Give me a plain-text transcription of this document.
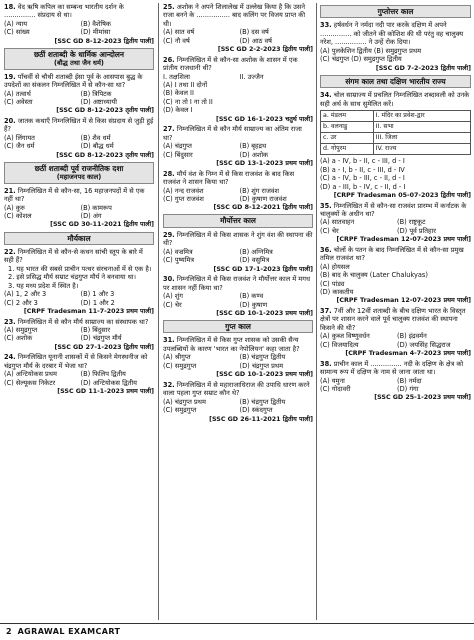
18. वेद ऋषि कपिल का सम्बन्ध भारतीय दर्शन के ............... संप्रदाय से था।
(A) न्याय	(B) वैशेषिक
(C) सांख्य	(D) मीमांसा
[SSC GD 8-12-2023 द्वितीय पाली]
छठीं शताब्दी के धार्मिक आन्दोलन
(बौद्ध तथा जैन धर्म)
19. पाँचवीं से चौथी शताब्दी ईसा पूर्व के आसपास बुद्ध के उपदेशों का संकलन निम्नलिखित में से कौन-सा था?
(A) तत्वार्थ	(B) त्रिपिटक
(C) अवेस्ता	(D) अष्टाध्यायी
[SSC GD 8-12-2023 तृतीय पाली]
20. जातक कथाएँ निम्नलिखित में से किस संप्रदाय से जुड़ी हुई हैं?
(A) लिंगायत	(B) शैव धर्म
(C) जैन धर्म	(D) बौद्ध धर्म
[SSC GD 8-12-2023 तृतीय पाली]
छठीं शताब्दी पूर्व राजनीतिक दशा
(महाजनपद काल)
21. निम्नलिखित में से कौन-सा, 16 महाजनपदों में से एक नहीं था?
(A) कुरु	(B) कामरूप
(C) कोशल	(D) अंग
[SSC GD 30-11-2021 द्वितीय पाली]
मौर्यकाल
22. निम्नलिखित में से कौन-से कथन सांची स्तूप के बारे में सही हैं?
1. यह भारत की सबसे प्राचीन पत्थर संरचनाओं में से एक है।
2. इसे प्रसिद्ध मौर्य सम्राट चंद्रगुप्त मौर्य ने बनवाया था।
3. यह मध्य प्रदेश में स्थित है।
(A) 1, 2 और 3	(B) 1 और 3
(C) 2 और 3	(D) 1 और 2
[CRPF Tradesman 11-7-2023 प्रथम पाली]
23. निम्नलिखित में से कौन मौर्य साम्राज्य का संस्थापक था?
(A) समुद्रगुप्त	(B) बिंदुसार
(C) अशोक	(D) चंद्रगुप्त मौर्य
[SSC GD 27-1-2023 द्वितीय पाली]
24. निम्नलिखित यूनानी शासकों में से किसने मेगस्थनीज को चंद्रगुप्त मौर्य के दरबार में भेजा था?
(A) अन्टियोकस प्रथम	(B) फिलिप द्वितीय
(C) सेल्यूकस निकेटर	(D) अन्टियोकस द्वितीय
[SSC GD 11-1-2023 प्रथम पाली]
25. अशोक ने अपने शिलालेख में उल्लेख किया है कि उसने राजा बनने के ................ बाद कलिंग पर विजय प्राप्त की थी।
(A) सात वर्ष	(B) दस वर्ष
(C) नौ वर्ष	(D) आठ वर्ष
[SSC GD 2-2-2023 द्वितीय पाली]
26. निम्नलिखित में से कौन-सा अशोक के शासन में एक प्रांतीय राजधानी थी?
I. तक्षशिला	II. उज्जैन
(A) I तथा II दोनों
(B) केवल II
(C) ना तो I ना तो II
(D) केवल I
[SSC GD 16-1-2023 चतुर्थ पाली]
27. निम्नलिखित में से कौन मौर्य साम्राज्य का अंतिम राजा था?
(A) चंद्रगुप्त	(B) बृहद्रथ
(C) बिंदुसार	(D) अशोक
[SSC GD 13-1-2023 प्रथम पाली]
28. मौर्य वंश के निम्न में से किस राजवंश के बाद किस राजवंश ने शासन किया था?
(A) नन्द राजवंश	(B) शुंग राजवंश
(C) गुप्त राजवंश	(D) कुषाण राजवंश
[SSC GD 8-12-2021 द्वितीय पाली]
मौर्योत्तर काल
29. निम्नलिखित में से किस शासक ने शुंग वंश की स्थापना की थी?
(A) वज्रमित्र	(B) अग्निमित्र
(C) पुष्यमित्र	(D) वसुमित्र
[SSC GD 17-1-2023 द्वितीय पाली]
30. निम्नलिखित में से किस राजवंश ने मौर्योत्तर काल में मगध पर शासन नहीं किया था?
(A) शुंग	(B) कण्व
(C) चेर	(D) कुषाण
[SSC GD 10-1-2023 प्रथम पाली]
गुप्त काल
31. निम्नलिखित में से किस गुप्त शासक को उसकी सैन्य उपलब्धियों के कारण 'भारत का नेपोलियन' कहा जाता है?
(A) श्रीगुप्त	(B) चंद्रगुप्त द्वितीय
(C) समुद्रगुप्त	(D) चंद्रगुप्त प्रथम
[SSC GD 10-1-2023 प्रथम पाली]
32. निम्नलिखित में से महाराजाधिराज की उपाधि धारण करने वाला पहला गुप्त सम्राट कौन थे?
(A) चंद्रगुप्त प्रथम	(B) चंद्रगुप्त द्वितीय
(C) समुद्रगुप्त	(D) स्कंदगुप्त
[SSC GD 26-11-2021 द्वितीय पाली]
गुप्तोत्तर काल
33. हर्षवर्धन ने नर्मदा नदी पार करके दक्षिण में अपने ............... को जीतने की कोशिश की थी परंतु वह चालुक्य नरेश, ............... ने उन्हें रोक दिया।
(A) पुलकेशिन द्वितीय (B) समुद्रगुप्त प्रथम
(C) चंद्रगुप्त (D) समुद्रगुप्त द्वितीय
[SSC GD 7-2-2023 द्वितीय पाली]
संगम काल तथा दक्षिण भारतीय राज्य
34. चोल साम्राज्य में प्रचलित निम्नलिखित शब्दावली को उनके सही अर्थ के साथ सुमेलित करें।
a. मंडलम	I. मंदिर का प्रवेश-द्वार
b. वलनाडु	II. सभा
c. उर	III. जिला
d. गोपुरम	IV. राज्य
(A) a - IV, b - II, c - III, d - I
(B) a - I, b - II, c - III, d - IV
(C) a - IV, b - III, c - II, d - I
(D) a - III, b - IV, c - II, d - I
[CRPF Tradesman 05-07-2023 द्वितीय पाली]
35. निम्नलिखित में से कौन-सा राजवंश प्रारम्भ में कर्नाटक के चालुक्यों के अधीन था?
(A) सातवाहन	(B) राष्ट्रकूट
(C) चेर	(D) पूर्व प्रतिहार
[CRPF Tradesman 12-07-2023 प्रथम पाली]
36. चोलों के पतन के बाद निम्नलिखित में से कौन-सा प्रमुख तमिल राजवंश था?
(A) होयसल
(B) बाद के चालुक्य (Later Chalukyas)
(C) पांड्य
(D) काकतीय
[CRPF Tradesman 12-07-2023 प्रथम पाली]
37. 7वीं और 12वीं शताब्दी के बीच दक्षिण भारत के विस्तृत क्षेत्रों पर शासन करने वाले पूर्व चालुक्य राजवंश की स्थापना किसने की थी?
(A) कुब्ज विष्णुवर्धन	(B) इंद्रवर्मन
(C) विजयादित्य	(D) जयसिंह सिद्धराज
[CRPF Tradesman 4-7-2023 प्रथम पाली]
38. प्राचीन काल में ............... नदी के दक्षिण के क्षेत्र को सामान्य रूप में दक्षिण के नाम से जाना जाता था।
(A) यमुना	(B) नर्मदा
(C) गोदावरी	(D) गंगा
[SSC GD 25-1-2023 प्रथम पाली]
2 AGRAWAL EXAMCART
